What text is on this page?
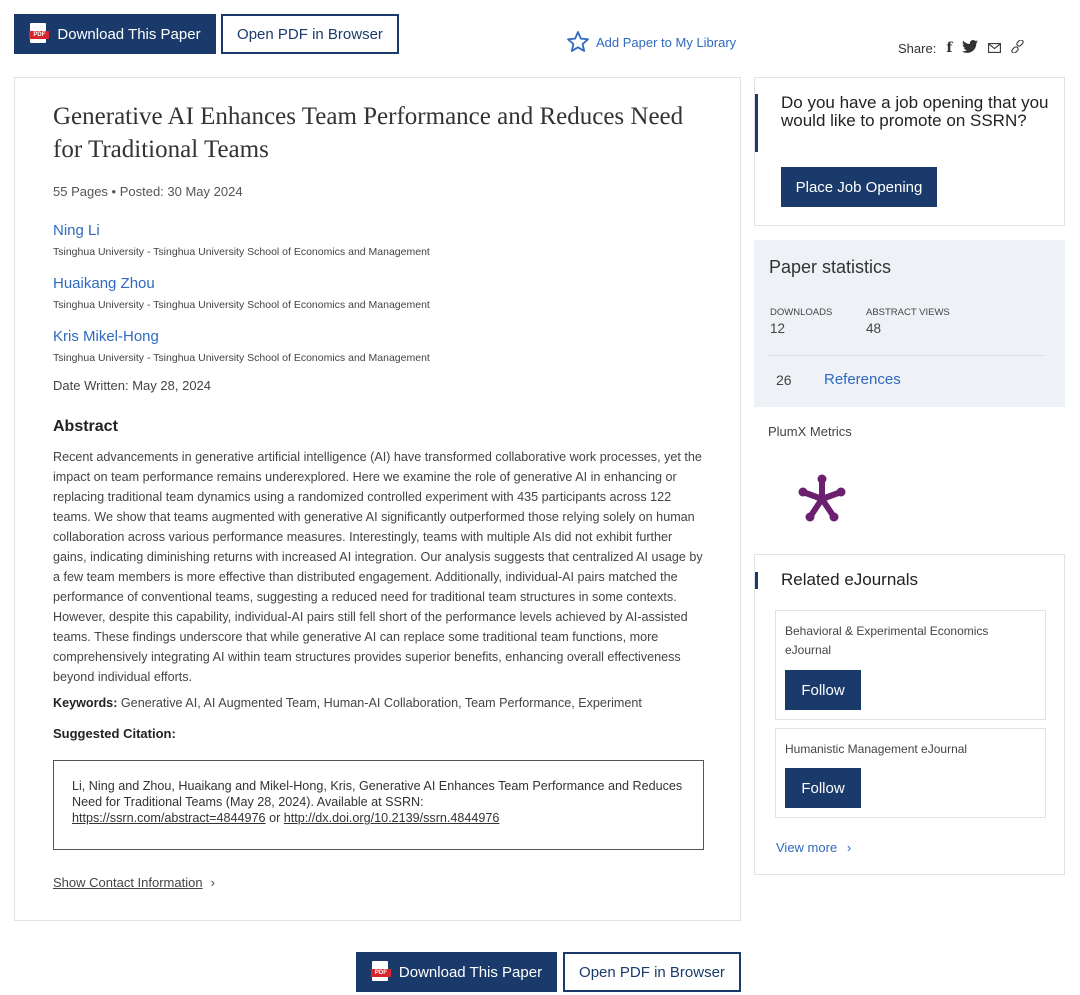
PDF Download This Paper	Open PDF in Browser	Add Paper to My Library	Share: f
Generative AI Enhances Team Performance and Reduces Need for Traditional Teams
55 Pages • Posted: 30 May 2024
Ning Li
Tsinghua University - Tsinghua University School of Economics and Management
Huaikang Zhou
Tsinghua University - Tsinghua University School of Economics and Management
Kris Mikel-Hong
Tsinghua University - Tsinghua University School of Economics and Management
Date Written: May 28, 2024
Abstract

Recent advancements in generative artificial intelligence (AI) have transformed collaborative work processes, yet the impact on team performance remains underexplored. Here we examine the role of generative AI in enhancing or replacing traditional team dynamics using a randomized controlled experiment with 435 participants across 122 teams. We show that teams augmented with generative AI significantly outperformed those relying solely on human collaboration across various performance measures. Interestingly, teams with multiple AIs did not exhibit further gains, indicating diminishing returns with increased AI integration. Our analysis suggests that centralized AI usage by a few team members is more effective than distributed engagement. Additionally, individual-AI pairs matched the performance of conventional teams, suggesting a reduced need for traditional team structures in some contexts. However, despite this capability, individual-AI pairs still fell short of the performance levels achieved by AI-assisted teams. These findings underscore that while generative AI can replace some traditional team functions, more comprehensively integrating AI within team structures provides superior benefits, enhancing overall effectiveness beyond individual efforts.

Keywords: Generative AI, AI Augmented Team, Human-AI Collaboration, Team Performance, Experiment
Suggested Citation:
Li, Ning and Zhou, Huaikang and Mikel-Hong, Kris, Generative AI Enhances Team Performance and Reduces Need for Traditional Teams (May 28, 2024). Available at SSRN:
https://ssrn.com/abstract=4844976 or http://dx.doi.org/10.2139/ssrn.4844976
Show Contact Information ›

Do you have a job opening that you would like to promote on SSRN?

Place Job Opening
Paper statistics
DOWNLOADS
12
ABSTRACT VIEWS
48
26 References
PlumX Metrics
Related eJournals
Behavioral & Experimental Economics eJournal
Follow
Humanistic Management eJournal
Follow
View more ›
PDF Download This Paper	Open PDF in Browser
